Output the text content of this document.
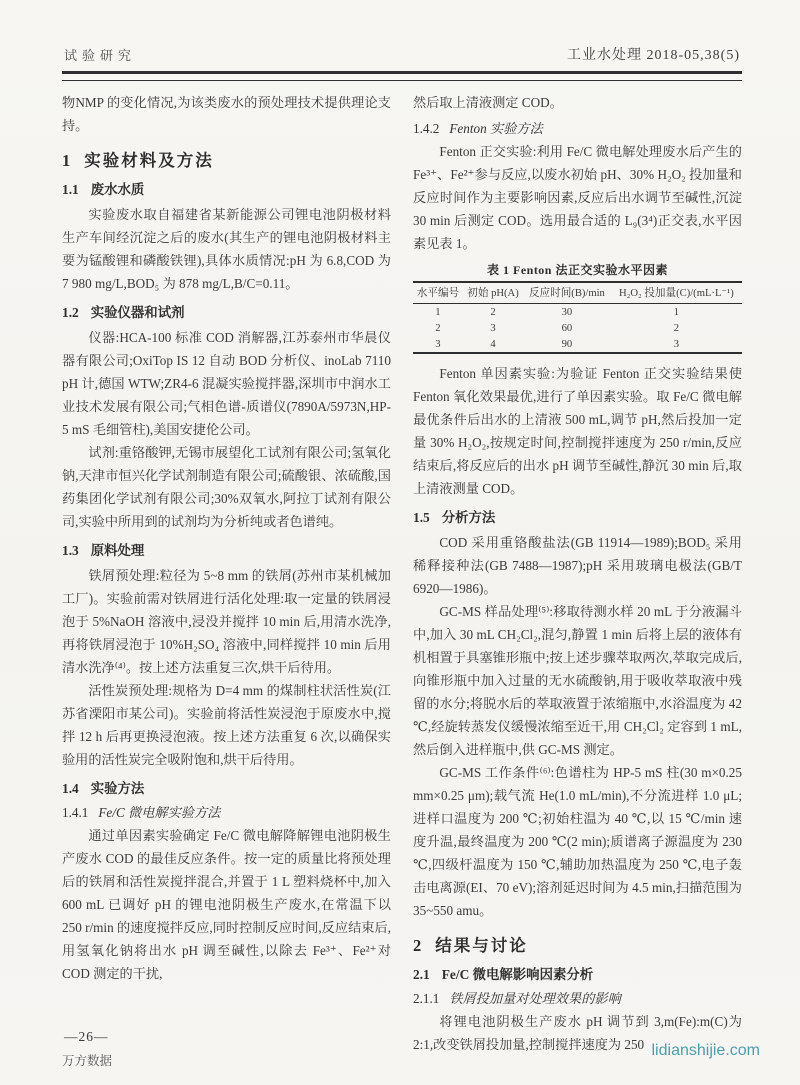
试验研究	工业水处理 2018-05,38(5)

物NMP 的变化情况,为该类废水的预处理技术提供理论支持。

1 实验材料及方法
1.1 废水水质

实验废水取自福建省某新能源公司锂电池阴极材料生产车间经沉淀之后的废水(其生产的锂电池阴极材料主要为锰酸锂和磷酸铁锂),具体水质情况:pH 为 6.8,COD 为 7 980 mg/L,BOD₅ 为 878 mg/L,B/C=0.11。

1.2 实验仪器和试剂

仪器:HCA-100 标准 COD 消解器,江苏泰州市华晨仪器有限公司;OxiTop IS 12 自动 BOD 分析仪、inoLab 7110 pH 计,德国 WTW;ZR4-6 混凝实验搅拌器,深圳市中润水工业技术发展有限公司;气相色谱-质谱仪(7890A/5973N,HP-5 mS 毛细管柱),美国安捷伦公司。

试剂:重铬酸钾,无锡市展望化工试剂有限公司;氢氧化钠,天津市恒兴化学试剂制造有限公司;硫酸银、浓硫酸,国药集团化学试剂有限公司;30%双氧水,阿拉丁试剂有限公司,实验中所用到的试剂均为分析纯或者色谱纯。

1.3 原料处理

铁屑预处理:粒径为 5~8 mm 的铁屑(苏州市某机械加工厂)。实验前需对铁屑进行活化处理:取一定量的铁屑浸泡于 5%NaOH 溶液中,浸没并搅拌 10 min 后,用清水洗净,再将铁屑浸泡于 10%H₂SO₄ 溶液中,同样搅拌 10 min 后用清水洗净⁽⁴⁾。按上述方法重复三次,烘干后待用。

活性炭预处理:规格为 D=4 mm 的煤制柱状活性炭(江苏省溧阳市某公司)。实验前将活性炭浸泡于原废水中,搅拌 12 h 后再更换浸泡液。按上述方法重复 6 次,以确保实验用的活性炭完全吸附饱和,烘干后待用。

1.4 实验方法
1.4.1 Fe/C 微电解实验方法

通过单因素实验确定 Fe/C 微电解降解锂电池阴极生产废水 COD 的最佳反应条件。按一定的质量比将预处理后的铁屑和活性炭搅拌混合,并置于 1 L 塑料烧杯中,加入 600 mL 已调好 pH 的锂电池阴极生产废水,在常温下以 250 r/min 的速度搅拌反应,同时控制反应时间,反应结束后,用氢氧化钠将出水 pH 调至碱性,以除去 Fe³⁺、Fe²⁺对 COD 测定的干扰,

然后取上清液测定 COD。

1.4.2 Fenton 实验方法

Fenton 正交实验:利用 Fe/C 微电解处理废水后产生的 Fe³⁺、Fe²⁺参与反应,以废水初始 pH、30% H₂O₂ 投加量和反应时间作为主要影响因素,反应后出水调节至碱性,沉淀 30 min 后测定 COD。选用最合适的 L₉(3⁴)正交表,水平因素见表 1。

表 1 Fenton 法正交实验水平因素
水平编号	初始 pH(A)	反应时间(B)/min	H₂O₂ 投加量(C)/(mL·L⁻¹)
1	2	30	1
2	3	60	2
3	4	90	3

Fenton 单因素实验:为验证 Fenton 正交实验结果使 Fenton 氧化效果最优,进行了单因素实验。取 Fe/C 微电解最优条件后出水的上清液 500 mL,调节 pH,然后投加一定量 30% H₂O₂,按规定时间,控制搅拌速度为 250 r/min,反应结束后,将反应后的出水 pH 调节至碱性,静沉 30 min 后,取上清液测量 COD。

1.5 分析方法

COD 采用重铬酸盐法(GB 11914—1989);BOD₅ 采用稀释接种法(GB 7488—1987);pH 采用玻璃电极法(GB/T 6920—1986)。

GC-MS 样品处理⁽⁵⁾:移取待测水样 20 mL 于分液漏斗中,加入 30 mL CH₂Cl₂,混匀,静置 1 min 后将上层的液体有机相置于具塞锥形瓶中;按上述步骤萃取两次,萃取完成后,向锥形瓶中加入过量的无水硫酸钠,用于吸收萃取液中残留的水分;将脱水后的萃取液置于浓缩瓶中,水浴温度为 42 ℃,经旋转蒸发仪缓慢浓缩至近干,用 CH₂Cl₂ 定容到 1 mL,然后倒入进样瓶中,供 GC-MS 测定。

GC-MS 工作条件⁽⁶⁾:色谱柱为 HP-5 mS 柱(30 m×0.25 mm×0.25 μm);载气流 He(1.0 mL/min),不分流进样 1.0 μL;进样口温度为 200 ℃;初始柱温为 40 ℃,以 15 ℃/min 速度升温,最终温度为 200 ℃(2 min);质谱离子源温度为 230 ℃,四级杆温度为 150 ℃,辅助加热温度为 250 ℃,电子轰击电离源(EI、70 eV);溶剂延迟时间为 4.5 min,扫描范围为 35~550 amu。

2 结果与讨论
2.1 Fe/C 微电解影响因素分析
2.1.1 铁屑投加量对处理效果的影响

将锂电池阴极生产废水 pH 调节到 3,m(Fe):m(C)为 2:1,改变铁屑投加量,控制搅拌速度为 250

—26—
万方数据
lidianshijie.com
